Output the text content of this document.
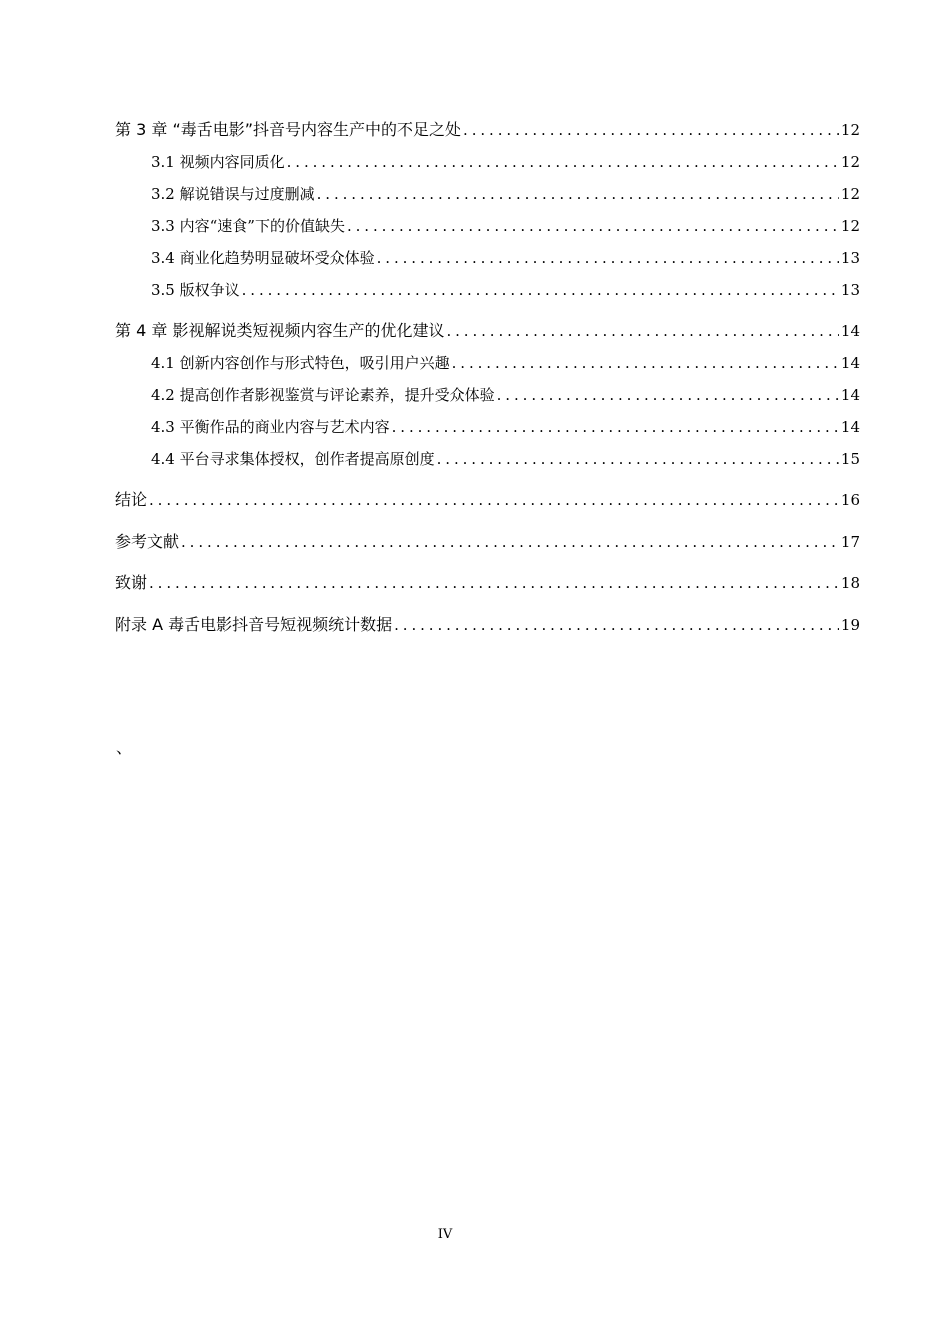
第 3 章 “毒舌电影”抖音号内容生产中的不足之处 .....	12
3.1 视频内容同质化 .....	12
3.2 解说错误与过度删减 .....	12
3.3 内容“速食”下的价值缺失 .....	12
3.4 商业化趋势明显破坏受众体验 .....	13
3.5 版权争议 .....	13
第 4 章 影视解说类短视频内容生产的优化建议 .....	14
4.1 创新内容创作与形式特色，吸引用户兴趣 .....	14
4.2 提高创作者影视鉴赏与评论素养，提升受众体验 .....	14
4.3 平衡作品的商业内容与艺术内容 .....	14
4.4 平台寻求集体授权，创作者提高原创度 .....	15
结论 .....	16
参考文献 .....	17
致谢 .....	18
附录 A 毒舌电影抖音号短视频统计数据 .....	19
、
IV
